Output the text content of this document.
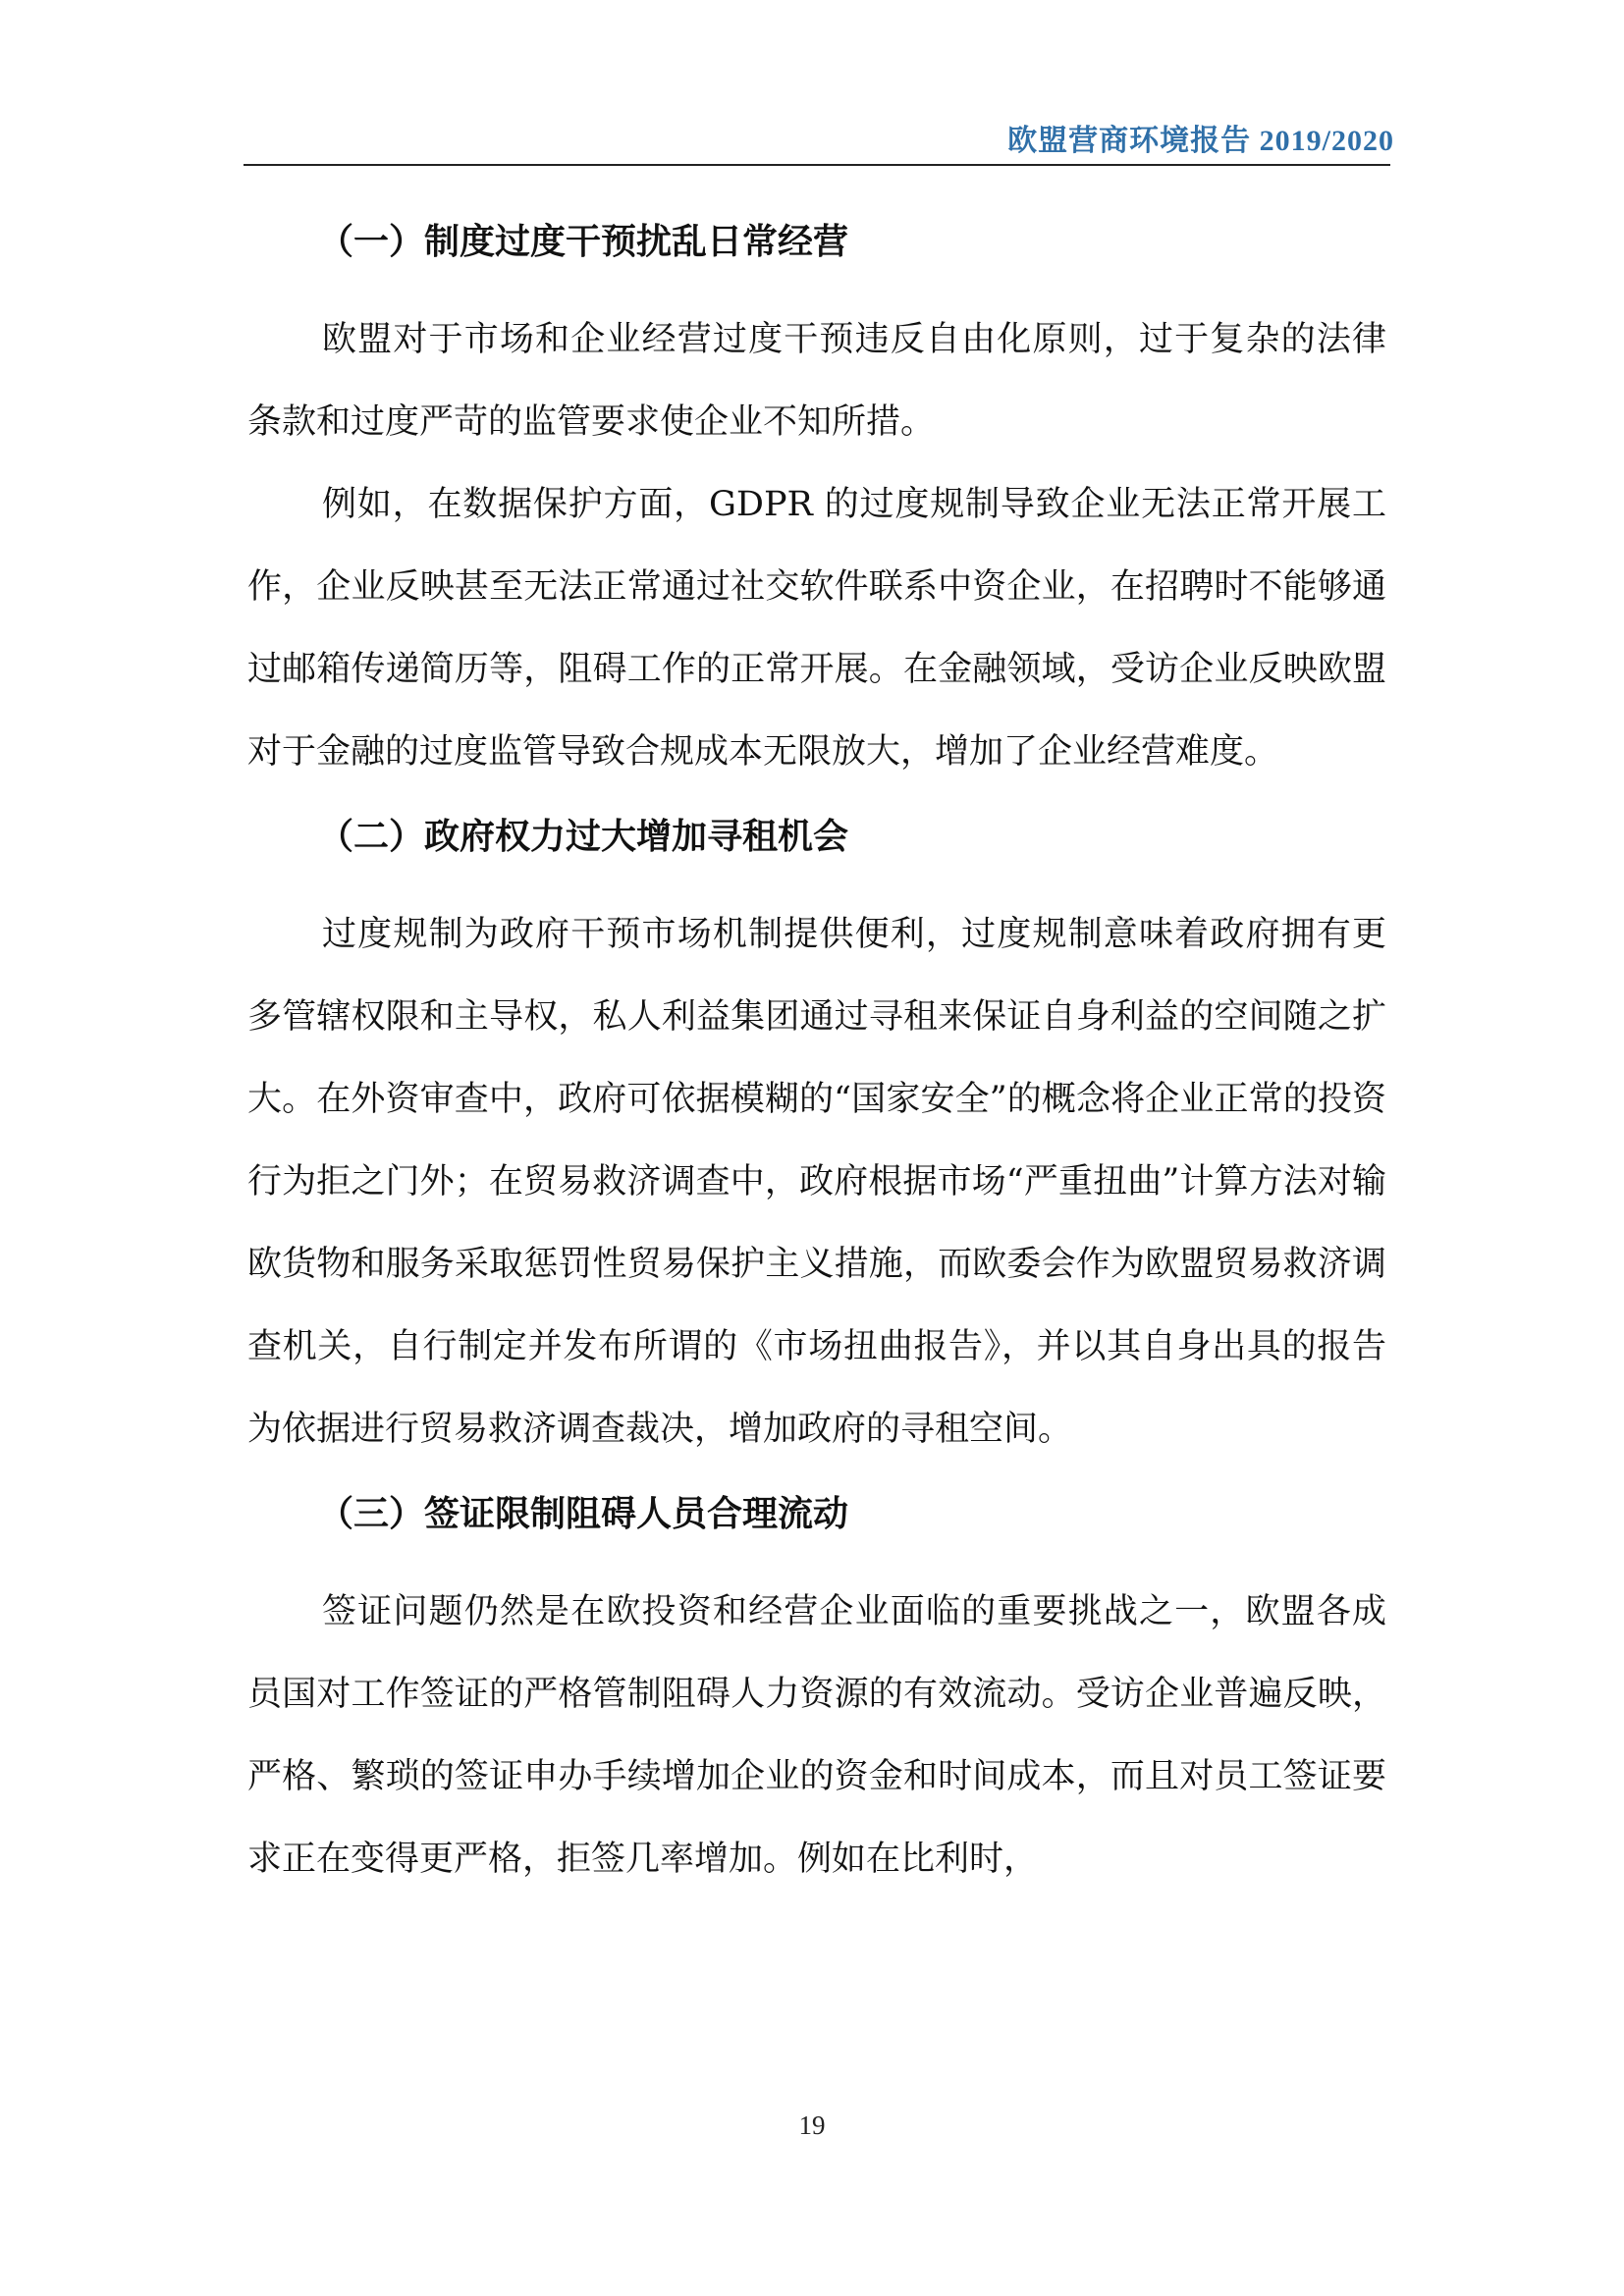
欧盟营商环境报告 2019/2020
（一）制度过度干预扰乱日常经营

欧盟对于市场和企业经营过度干预违反自由化原则，过于复杂的法律条款和过度严苛的监管要求使企业不知所措。

例如，在数据保护方面，GDPR 的过度规制导致企业无法正常开展工作，企业反映甚至无法正常通过社交软件联系中资企业，在招聘时不能够通过邮箱传递简历等，阻碍工作的正常开展。在金融领域，受访企业反映欧盟对于金融的过度监管导致合规成本无限放大，增加了企业经营难度。

（二）政府权力过大增加寻租机会

过度规制为政府干预市场机制提供便利，过度规制意味着政府拥有更多管辖权限和主导权，私人利益集团通过寻租来保证自身利益的空间随之扩大。在外资审查中，政府可依据模糊的“国家安全”的概念将企业正常的投资行为拒之门外；在贸易救济调查中，政府根据市场“严重扭曲”计算方法对输欧货物和服务采取惩罚性贸易保护主义措施，而欧委会作为欧盟贸易救济调查机关，自行制定并发布所谓的《市场扭曲报告》，并以其自身出具的报告为依据进行贸易救济调查裁决，增加政府的寻租空间。

（三）签证限制阻碍人员合理流动

签证问题仍然是在欧投资和经营企业面临的重要挑战之一，欧盟各成员国对工作签证的严格管制阻碍人力资源的有效流动。受访企业普遍反映，严格、繁琐的签证申办手续增加企业的资金和时间成本，而且对员工签证要求正在变得更严格，拒签几率增加。例如在比利时，

19
